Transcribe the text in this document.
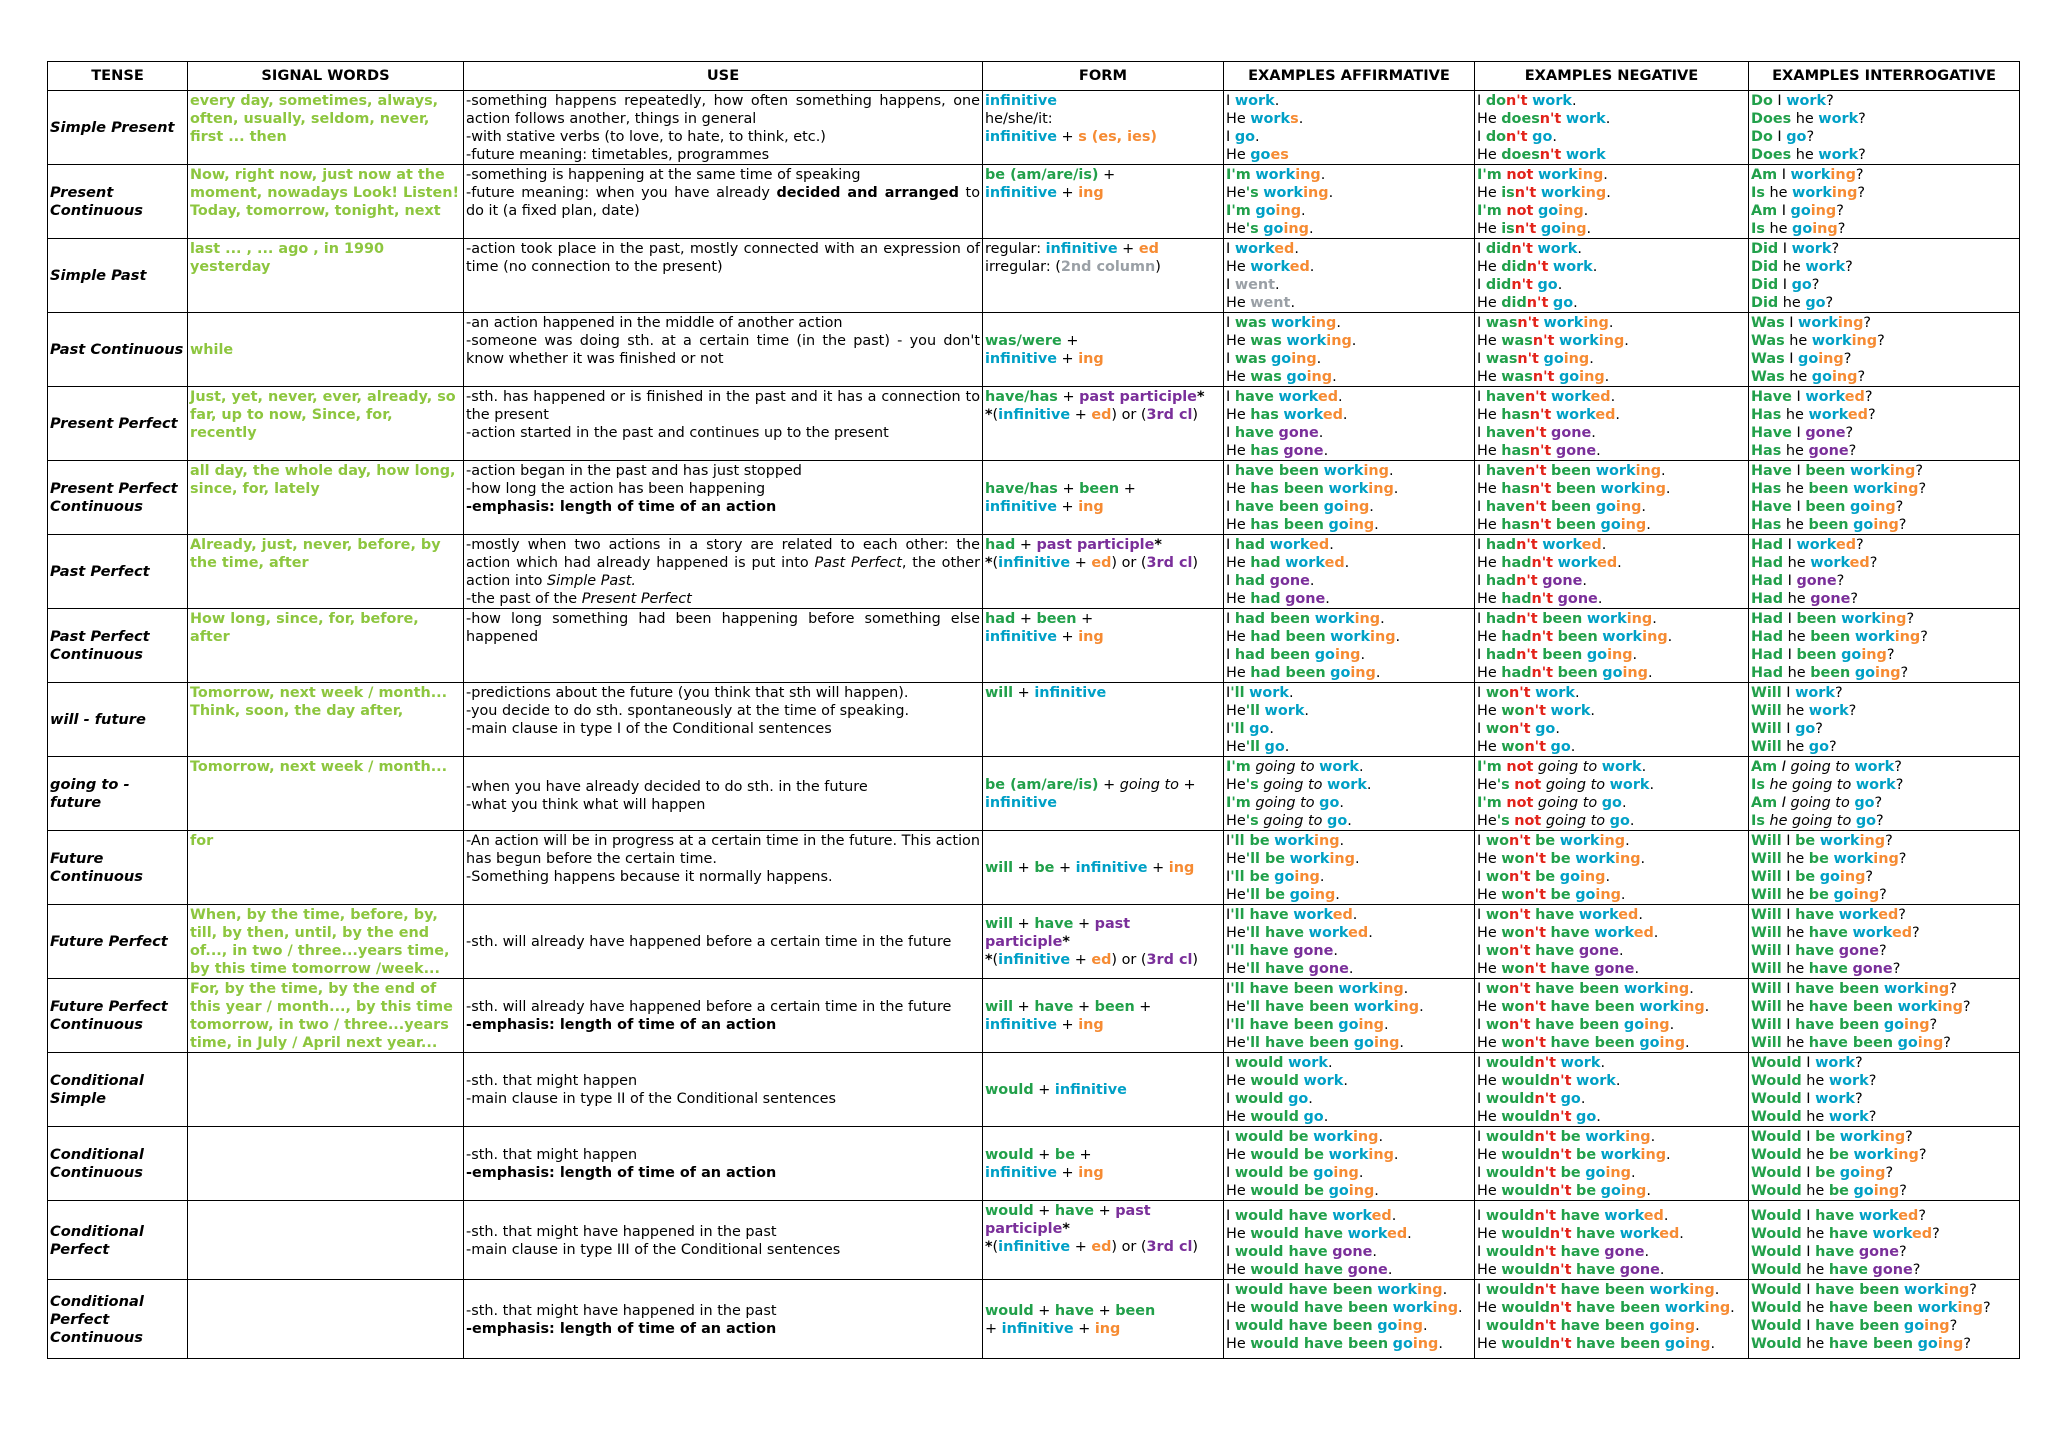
TENSE	SIGNAL WORDS	USE	FORM	EXAMPLES AFFIRMATIVE	EXAMPLES NEGATIVE	EXAMPLES INTERROGATIVE
Simple Present	every day, sometimes, always, often, usually, seldom, never, first ... then	-something happens repeatedly, how often something happens, one action follows another, things in general
-with stative verbs (to love, to hate, to think, etc.)
-future meaning: timetables, programmes	infinitive
he/she/it:
infinitive + s (es, ies)	I work.
He works.
I go.
He goes	I don't work.
He doesn't work.
I don't go.
He doesn't work	Do I work?
Does he work?
Do I go?
Does he work?

Present Continuous	Now, right now, just now at the moment, nowadays Look! Listen! Today, tomorrow, tonight, next	-something is happening at the same time of speaking
-future meaning: when you have already decided and arranged to do it (a fixed plan, date)	be (am/are/is) +
infinitive + ing	I'm working.
He's working.
I'm going.
He's going.	I'm not working.
He isn't working.
I'm not going.
He isn't going.	Am I working?
Is he working?
Am I going?
Is he going?

Simple Past	last ... , ... ago , in 1990 yesterday	-action took place in the past, mostly connected with an expression of time (no connection to the present)	regular: infinitive + ed
irregular: (2nd column)	I worked.
He worked.
I went.
He went.	I didn't work.
He didn't work.
I didn't go.
He didn't go.	Did I work?
Did he work?
Did I go?
Did he go?

Past Continuous	while	-an action happened in the middle of another action
-someone was doing sth. at a certain time (in the past) - you don't know whether it was finished or not	was/were +
infinitive + ing	I was working.
He was working.
I was going.
He was going.	I wasn't working.
He wasn't working.
I wasn't going.
He wasn't going.	Was I working?
Was he working?
Was I going?
Was he going?

Present Perfect	Just, yet, never, ever, already, so far, up to now, Since, for, recently	-sth. has happened or is finished in the past and it has a connection to the present
-action started in the past and continues up to the present	have/has + past participle*
*(infinitive + ed) or (3rd cl)	I have worked.
He has worked.
I have gone.
He has gone.	I haven't worked.
He hasn't worked.
I haven't gone.
He hasn't gone.	Have I worked?
Has he worked?
Have I gone?
Has he gone?

Present Perfect Continuous	all day, the whole day, how long, since, for, lately	-action began in the past and has just stopped
-how long the action has been happening
-emphasis: length of time of an action	have/has + been +
infinitive + ing	I have been working.
He has been working.
I have been going.
He has been going.	I haven't been working.
He hasn't been working.
I haven't been going.
He hasn't been going.	Have I been working?
Has he been working?
Have I been going?
Has he been going?

Past Perfect	Already, just, never, before, by the time, after	-mostly when two actions in a story are related to each other: the action which had already happened is put into Past Perfect, the other action into Simple Past.
-the past of the Present Perfect	had + past participle*
*(infinitive + ed) or (3rd cl)	I had worked.
He had worked.
I had gone.
He had gone.	I hadn't worked.
He hadn't worked.
I hadn't gone.
He hadn't gone.	Had I worked?
Had he worked?
Had I gone?
Had he gone?

Past Perfect Continuous	How long, since, for, before, after	-how long something had been happening before something else happened	had + been +
infinitive + ing	I had been working.
He had been working.
I had been going.
He had been going.	I hadn't been working.
He hadn't been working.
I hadn't been going.
He hadn't been going.	Had I been working?
Had he been working?
Had I been going?
Had he been going?

will - future	Tomorrow, next week / month... Think, soon, the day after,	-predictions about the future (you think that sth will happen).
-you decide to do sth. spontaneously at the time of speaking.
-main clause in type I of the Conditional sentences	will + infinitive	I'll work.
He'll work.
I'll go.
He'll go.	I won't work.
He won't work.
I won't go.
He won't go.	Will I work?
Will he work?
Will I go?
Will he go?

going to - future	Tomorrow, next week / month...	-when you have already decided to do sth. in the future
-what you think what will happen	be (am/are/is) + going to +
infinitive	I'm going to work.
He's going to work.
I'm going to go.
He's going to go.	I'm not going to work.
He's not going to work.
I'm not going to go.
He's not going to go.	Am I going to work?
Is he going to work?
Am I going to go?
Is he going to go?

Future Continuous	for	-An action will be in progress at a certain time in the future. This action has begun before the certain time.
-Something happens because it normally happens.	will + be + infinitive + ing	I'll be working.
He'll be working.
I'll be going.
He'll be going.	I won't be working.
He won't be working.
I won't be going.
He won't be going.	Will I be working?
Will he be working?
Will I be going?
Will he be going?

Future Perfect	When, by the time, before, by, till, by then, until, by the end of..., in two / three...years time, by this time tomorrow /week...	-sth. will already have happened before a certain time in the future	will + have + past
participle*
*(infinitive + ed) or (3rd cl)	I'll have worked.
He'll have worked.
I'll have gone.
He'll have gone.	I won't have worked.
He won't have worked.
I won't have gone.
He won't have gone.	Will I have worked?
Will he have worked?
Will I have gone?
Will he have gone?

Future Perfect Continuous	For, by the time, by the end of this year / month..., by this time tomorrow, in two / three...years time, in July / April next year...	-sth. will already have happened before a certain time in the future
-emphasis: length of time of an action	will + have + been +
infinitive + ing	I'll have been working.
He'll have been working.
I'll have been going.
He'll have been going.	I won't have been working.
He won't have been working.
I won't have been going.
He won't have been going.	Will I have been working?
Will he have been working?
Will I have been going?
Will he have been going?

Conditional Simple		-sth. that might happen
-main clause in type II of the Conditional sentences	would + infinitive	I would work.
He would work.
I would go.
He would go.	I wouldn't work.
He wouldn't work.
I wouldn't go.
He wouldn't go.	Would I work?
Would he work?
Would I work?
Would he work?

Conditional Continuous		-sth. that might happen
-emphasis: length of time of an action	would + be +
infinitive + ing	I would be working.
He would be working.
I would be going.
He would be going.	I wouldn't be working.
He wouldn't be working.
I wouldn't be going.
He wouldn't be going.	Would I be working?
Would he be working?
Would I be going?
Would he be going?

Conditional Perfect		-sth. that might have happened in the past
-main clause in type III of the Conditional sentences	would + have + past
participle*
*(infinitive + ed) or (3rd cl)	I would have worked.
He would have worked.
I would have gone.
He would have gone.	I wouldn't have worked.
He wouldn't have worked.
I wouldn't have gone.
He wouldn't have gone.	Would I have worked?
Would he have worked?
Would I have gone?
Would he have gone?

Conditional Perfect Continuous		-sth. that might have happened in the past
-emphasis: length of time of an action	would + have + been
+ infinitive + ing	I would have been working.
He would have been working.
I would have been going.
He would have been going.	I wouldn't have been working.
He wouldn't have been working.
I wouldn't have been going.
He wouldn't have been going.	Would I have been working?
Would he have been working?
Would I have been going?
Would he have been going?
